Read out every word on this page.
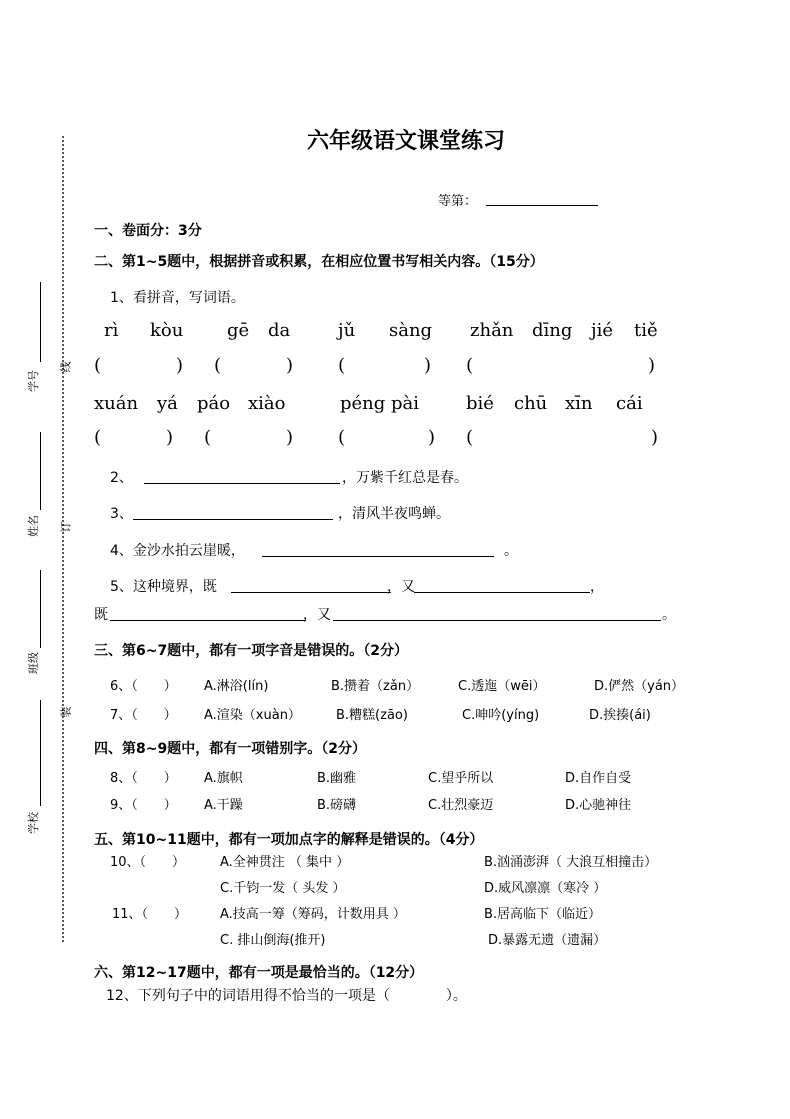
学号
线
姓名 订
班级
装
学校
六年级语文课堂练习
等第：
一、卷面分：3分
二、第1~5题中，根据拼音或积累，在相应位置书写相关内容。（15分）
1、看拼音，写词语。
rì kòu gē da	jǔ sàng zhǎn dīng jié tiě
(	) (	) (	) (	)
xuán yá páo xiào	péng pài	bié chū xīn cái
(	) (	) (	) (	)
2、	，万紫千红总是春。
3、	，清风半夜鸣蝉。
4、金沙水拍云崖暖，	。
5、这种境界，既	，又	，
既	，又	。
三、第6~7题中，都有一项字音是错误的。（2分）
6、（　　） A.淋浴(lín)	B.攒着（zǎn）	C.透迤（wēi）	D.俨然（yán）
7、（　　） A.渲染（xuàn）	B.糟糕(zāo)	C.呻吟(yíng)	D.挨揍(ái)
四、第8~9题中，都有一项错别字。（2分）
8、（　　） A.旗帜	B.幽雅	C.望乎所以	D.自作自受
9、（　　） A.干躁	B.磅礴	C.壮烈豪迈	D.心驰神往
五、第10~11题中，都有一项加点字的解释是错误的。（4分）
10、（　　）	A.全神贯注 （ 集中 ）	B.汹涌澎湃（ 大浪互相撞击）
C.千钧一发（ 头发 ）	D.威风凛凛（寒冷 ）
11、（　　）	A.技高一筹（筹码，计数用具 ）	B.居高临下（临近）
C. 排山倒海(推开)	D.暴露无遗（遗漏）
六、第12~17题中，都有一项是最恰当的。（12分）
12、下列句子中的词语用得不恰当的一项是（　　　　）。
